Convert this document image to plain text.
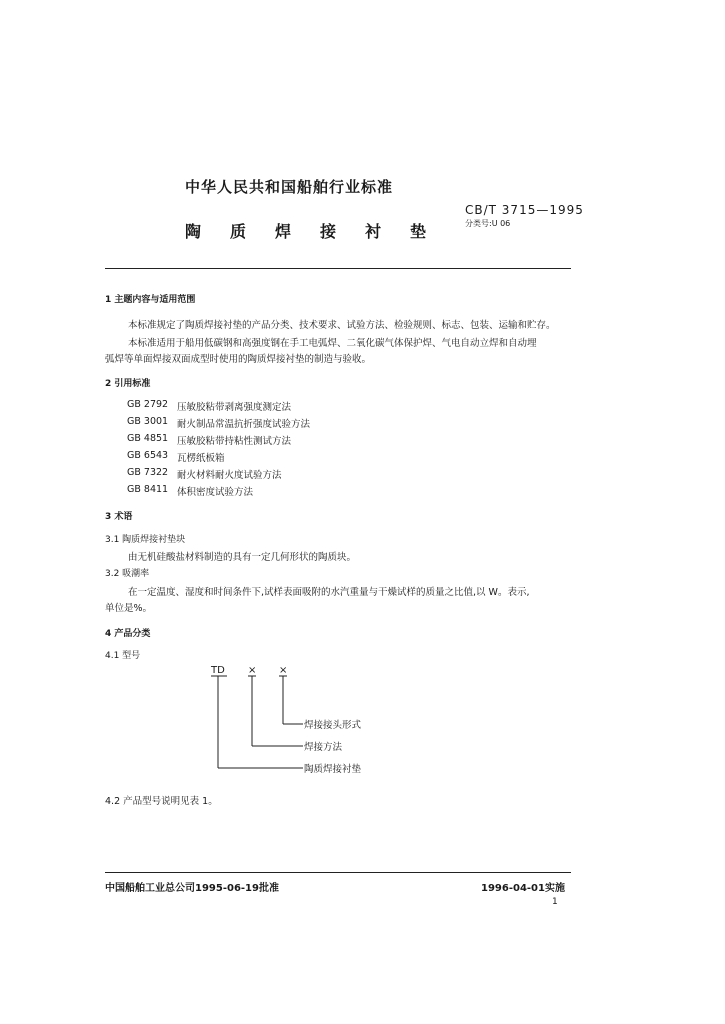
中华人民共和国船舶行业标准
CB/T 3715—1995
分类号:U 06
陶质焊接衬垫
1 主题内容与适用范围
本标准规定了陶质焊接衬垫的产品分类、技术要求、试验方法、检验规则、标志、包装、运输和贮存。
本标准适用于船用低碳钢和高强度钢在手工电弧焊、二氧化碳气体保护焊、气电自动立焊和自动埋
弧焊等单面焊接双面成型时使用的陶质焊接衬垫的制造与验收。
2 引用标准
GB 2792 压敏胶粘带剥离强度测定法
GB 3001 耐火制品常温抗折强度试验方法
GB 4851 压敏胶粘带持粘性测试方法
GB 6543 瓦楞纸板箱
GB 7322 耐火材料耐火度试验方法
GB 8411 体积密度试验方法
3 术语
3.1 陶质焊接衬垫块
由无机硅酸盐材料制造的具有一定几何形状的陶质块。
3.2 吸潮率
在一定温度、湿度和时间条件下,试样表面吸附的水汽重量与干燥试样的质量之比值,以 W。表示,
单位是%。
4 产品分类
4.1 型号
TD × ×
焊接接头形式
焊接方法
陶质焊接衬垫
4.2 产品型号说明见表 1。
中国船舶工业总公司1995-06-19批准	1996-04-01实施
1
